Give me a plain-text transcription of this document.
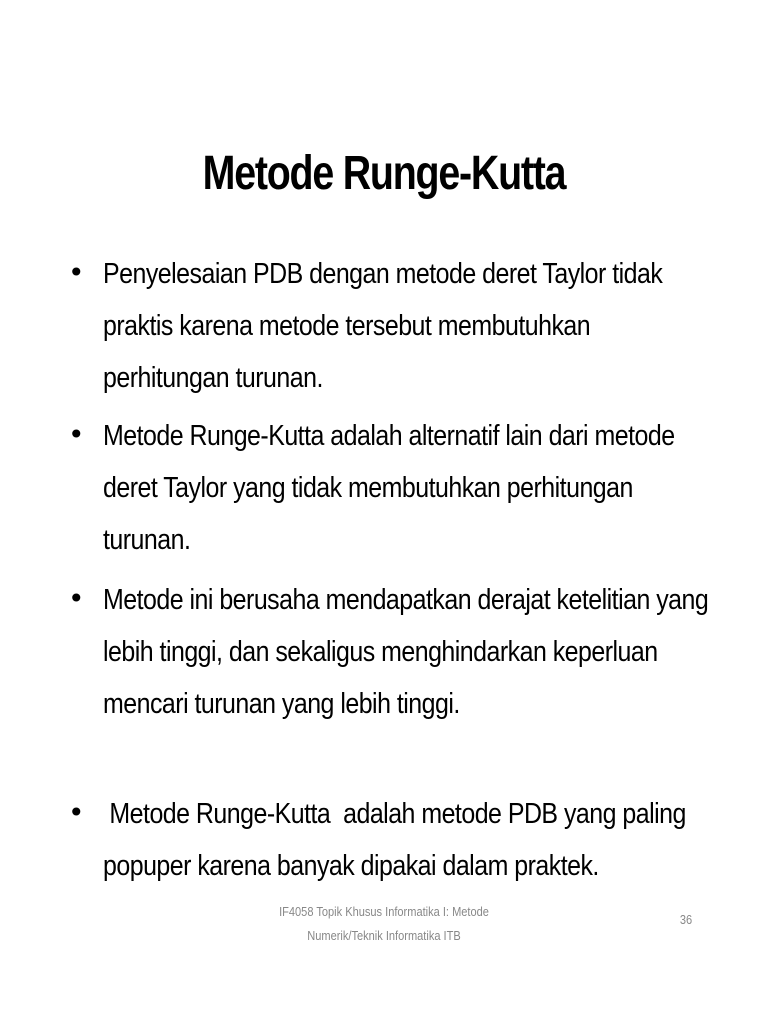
Metode Runge-Kutta
• Penyelesaian PDB dengan metode deret Taylor tidak praktis karena metode tersebut membutuhkan perhitungan turunan.
• Metode Runge-Kutta adalah alternatif lain dari metode deret Taylor yang tidak membutuhkan perhitungan turunan.
• Metode ini berusaha mendapatkan derajat ketelitian yang lebih tinggi, dan sekaligus menghindarkan keperluan mencari turunan yang lebih tinggi.
• Metode Runge-Kutta  adalah metode PDB yang paling popuper karena banyak dipakai dalam praktek.
IF4058 Topik Khusus Informatika I: Metode
Numerik/Teknik Informatika ITB
36
